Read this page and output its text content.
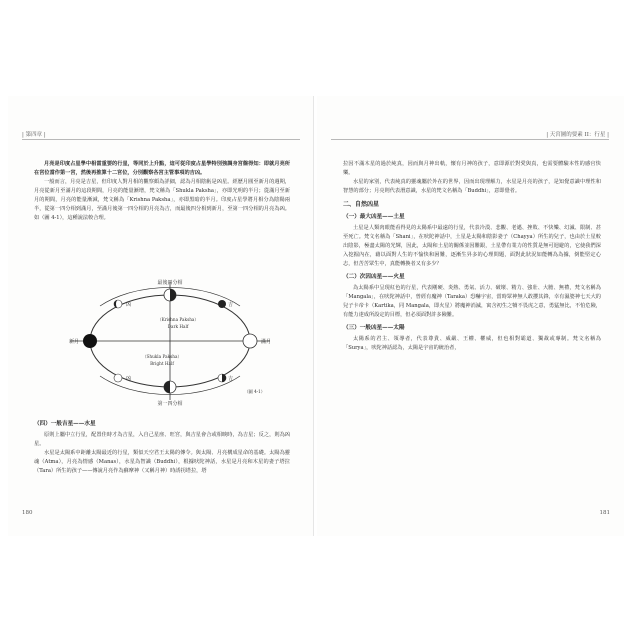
| 第四章 |

月亮是印度占星學中相當重要的行星，等同於上升點，這可從印度占星學特別強調身宮盤得知：即就月亮所在宮位當作第一宮，然後再推算十二宮位，分別觀察各宮主管事項的吉凶。

一般而言，月亮是吉星，但印度人對月相的觀察頗為詳細，認為月相陰虧是凶星。經歷月圓至新月的週期，月亮從新月至滿月的這段期間，月亮的能量漸增，梵文稱為「Shukla Paksha」，亦即光明的半月；從滿月至新月的期間，月亮的能量漸減，梵文稱為「Krishna Paksha」，亦即黑暗的半月。印度占星學將月相分為陰陽兩半，從第一四分相到滿月，至滿月後第一四分相的月亮為吉，而最後四分相到新月，至第一四分相的月亮為凶。如（圖 4-1），這種說法較合理。

最後四分相
第一四分相
新月	滿月
（Krishna Paksha）
Dark Half
（Shukla Paksha）
Bright Half
凶	吉
凶	吉
（圖 4-1）
（四）一般吉星——水星

原則上屬中立行星，配置佳時才為吉星，入自己星座、旺宮，與吉星會合或相映時，為吉星；反之，則為凶星。

水星是太陽系中距離太陽最近的行星，類似天空君王太陽的傳令。與太陽、月亮構成星命的基礎。太陽為靈魂（Atma），月亮為情感（Manas），水星為智識（Buddhi），根據吠陀神話，水星是月亮和木星的妻子塔拉（Tara）所生的孩子——傳說月亮作為蘇摩神（又稱月神）時誘拐塔拉，塔

180
| 天宮圖的要素 II：行星 |

拉因不滿木星的過於純真，因而與月神出軌，懷有月神的孩子，意即源於對愛與真，也需要體驗本性的感官快樂。

水星的家別，代表純真的靈魂屬於外在的世界，因而出現理解力，水星是月亮的孩子，是知覺意識中理性和智慧的部分；月亮則代表潛意識，水星的梵文名稱為「Buddhi」，意即覺者。

二、自然凶星
（一）最大凶星——土星

土星是人類肉眼能看得見的太陽系中最遠的行星，代表冷漠、悲觀、老邁、挫敗、不快樂、幻滅、限制、甚至死亡。梵文名稱為「Shani」，在吠陀神話中，土星是太陽和陰影妻子（Chayya）所生的兒子，也由於土星較出陰影，極盡太陽的光輝，因此，太陽和土星的關係並因難跟，土星帶有業力的性質是無可迴避的，它使我們深入挖掘內在，藉以面對人生的不愉快和困難，逐漸生昇多的心理問題，面對此狀況如能轉為為據，倒能堅定心志，但苦苦眾生中，真能轉換者又有多少？

（二）次因凶星——火星

為太陽系中呈現紅色的行星，代表剛硬、炎熱、勇氣、活力、破壞、精力、強壯、大膽、無禮，梵文名稱為「Mangala」，在吠陀神話中，曾經有魔神（Taraka）恐嚇宇宙，當時眾神無人敢攖其鋒，幸有濕婆神七天大的兒子卡帝卡（Kartika，同 Mangala，即火星）將魔神消滅，寓含初生之犢不畏虎之意，勇猛無比，不怕危險，有能力達成所設定的目標，但必須面對許多險難。

（三）一般凶星——太陽

太陽系的君主、領導者，代表尊貴、威嚴、王權、權威，但也相對霸道、獨裁或專制。梵文名稱為「Surya」，吠陀神話認為，太陽是宇宙的統治者，

181
